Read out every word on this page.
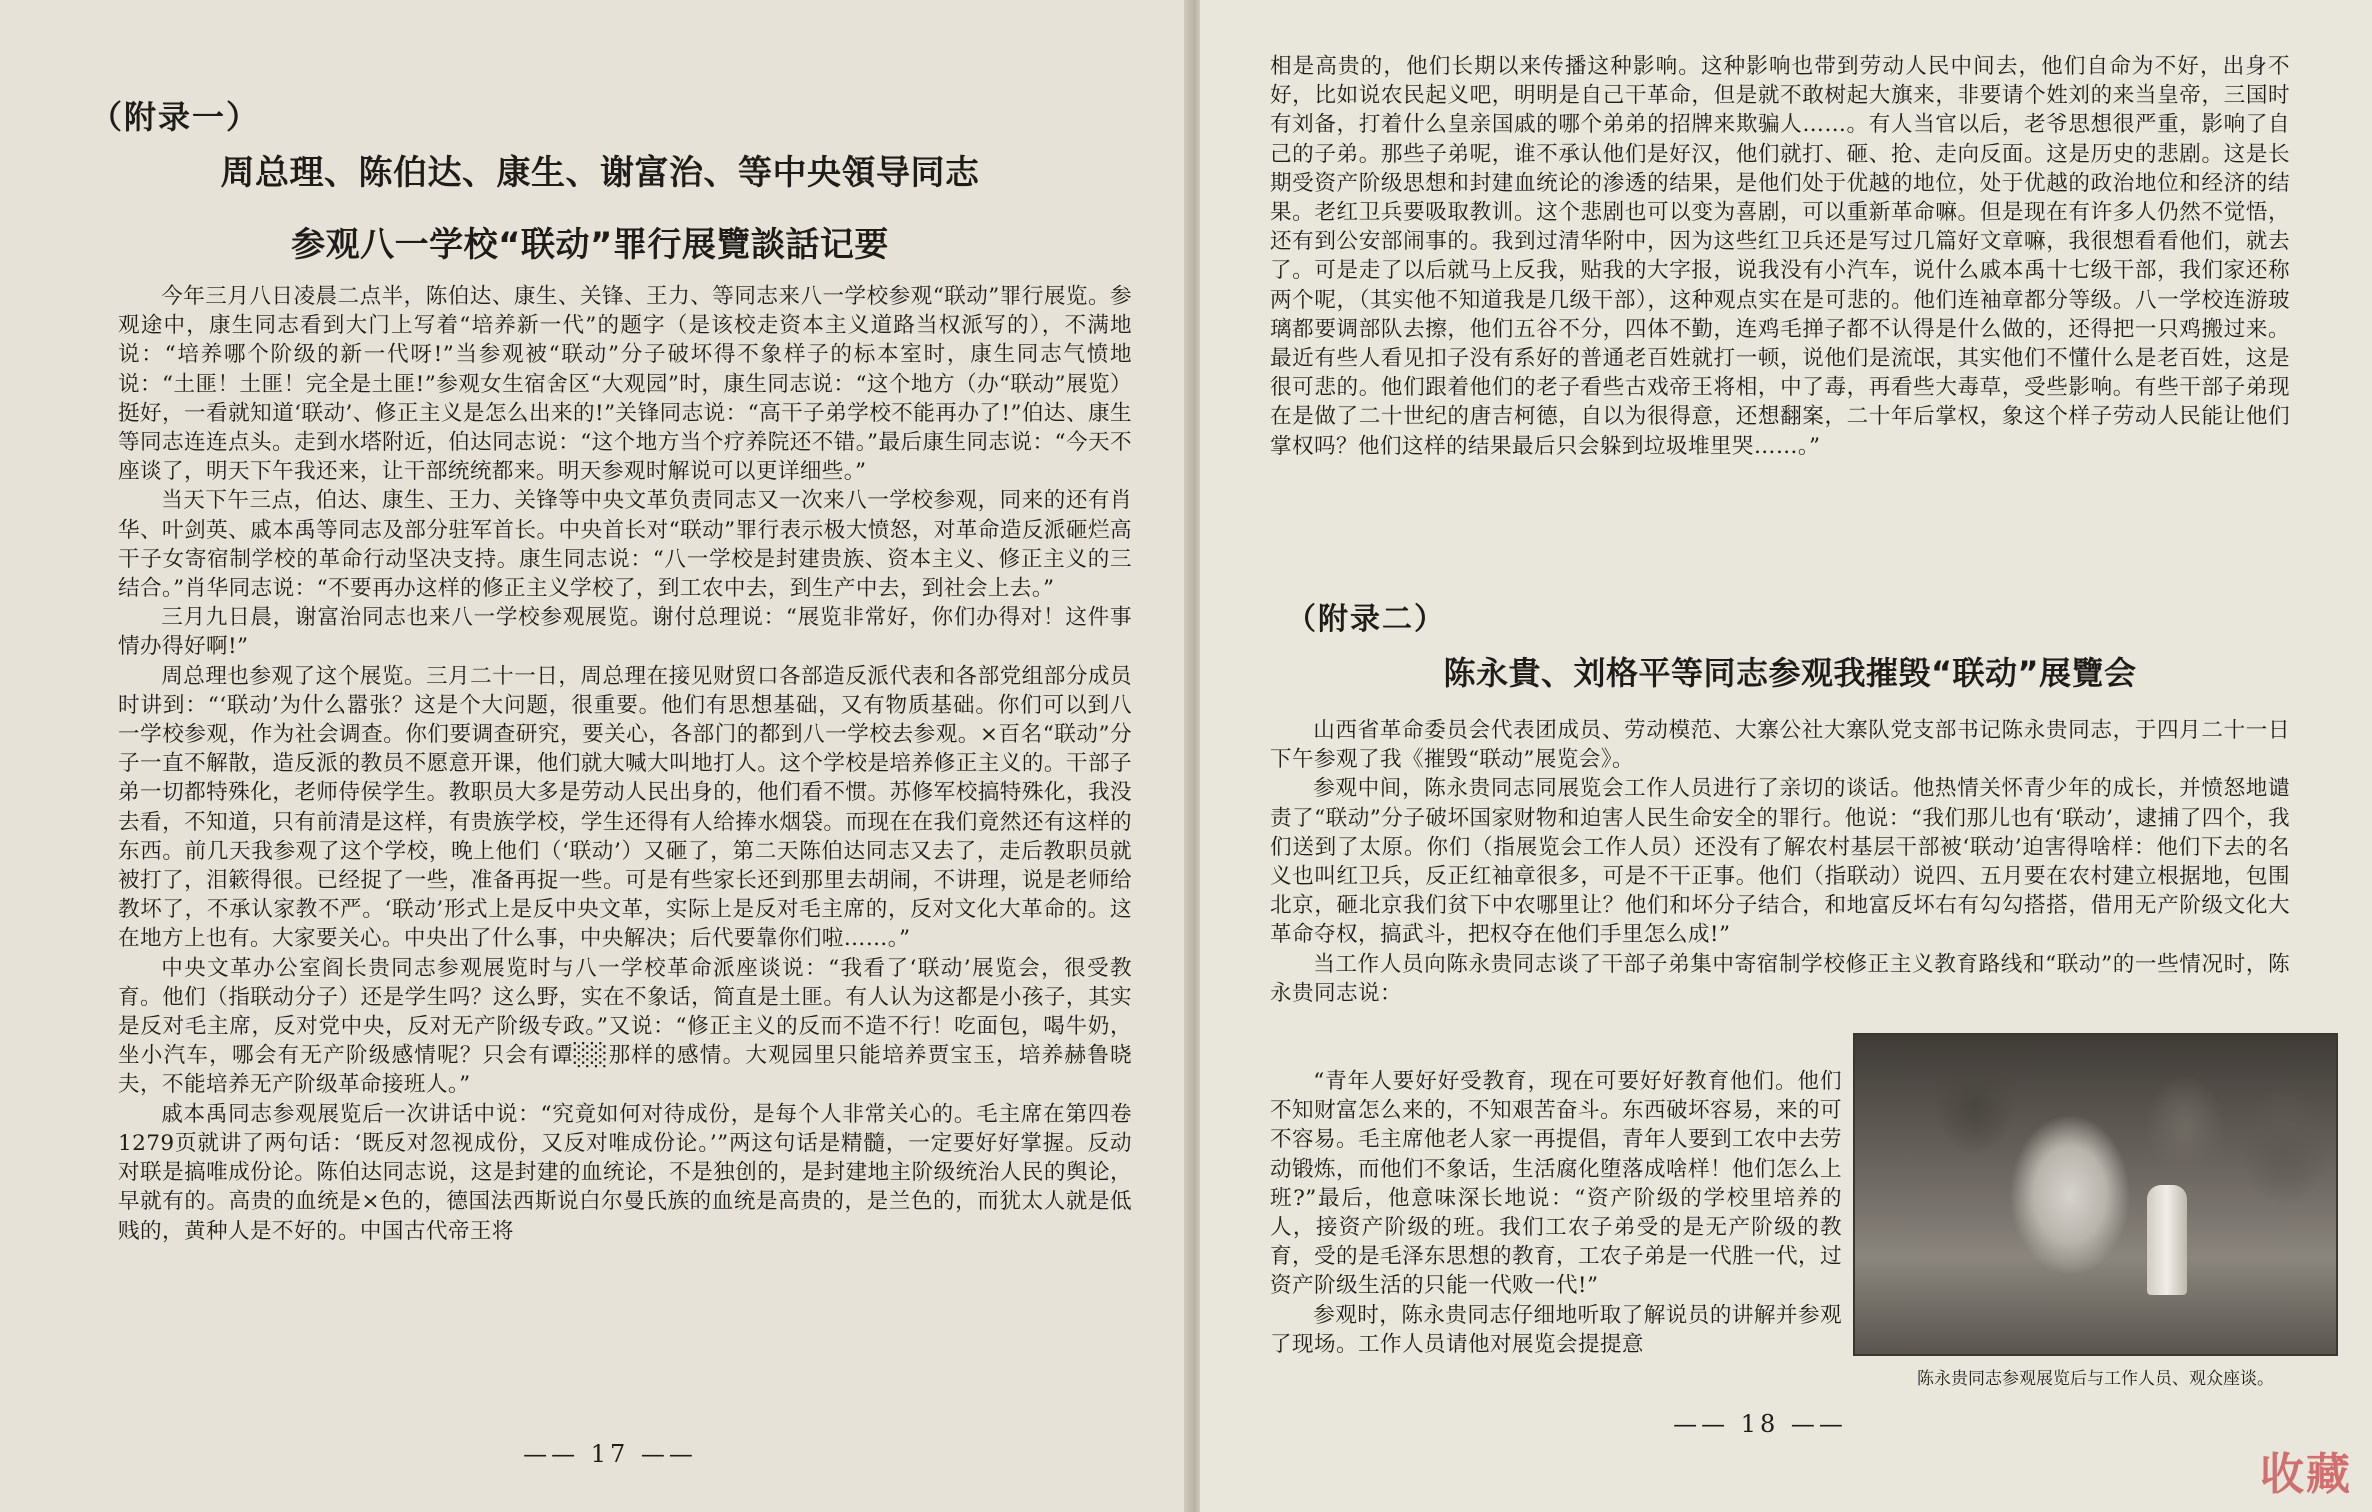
（附录一）
周总理、陈伯达、康生、谢富治、等中央領导同志
参观八一学校“联动”罪行展覽談話记要

今年三月八日凌晨二点半，陈伯达、康生、关锋、王力、等同志来八一学校参观“联动”罪行展览。参观途中，康生同志看到大门上写着“培养新一代”的题字（是该校走资本主义道路当权派写的），不满地说：“培养哪个阶级的新一代呀!”当参观被“联动”分子破坏得不象样子的标本室时，康生同志气愤地说：“土匪！土匪！完全是土匪!”参观女生宿舍区“大观园”时，康生同志说：“这个地方（办“联动”展览）挺好，一看就知道‘联动’、修正主义是怎么出来的!”关锋同志说：“高干子弟学校不能再办了!”伯达、康生等同志连连点头。走到水塔附近，伯达同志说：“这个地方当个疗养院还不错。”最后康生同志说：“今天不座谈了，明天下午我还来，让干部统统都来。明天参观时解说可以更详细些。”

当天下午三点，伯达、康生、王力、关锋等中央文革负责同志又一次来八一学校参观，同来的还有肖华、叶剑英、戚本禹等同志及部分驻军首长。中央首长对“联动”罪行表示极大愤怒，对革命造反派砸烂高干子女寄宿制学校的革命行动坚决支持。康生同志说：“八一学校是封建贵族、资本主义、修正主义的三结合。”肖华同志说：“不要再办这样的修正主义学校了，到工农中去，到生产中去，到社会上去。”

三月九日晨，谢富治同志也来八一学校参观展览。谢付总理说：“展览非常好，你们办得对！这件事情办得好啊!”

周总理也参观了这个展览。三月二十一日，周总理在接见财贸口各部造反派代表和各部党组部分成员时讲到：“‘联动’为什么嚣张？这是个大问题，很重要。他们有思想基础，又有物质基础。你们可以到八一学校参观，作为社会调查。你们要调查研究，要关心，各部门的都到八一学校去参观。×百名“联动”分子一直不解散，造反派的教员不愿意开课，他们就大喊大叫地打人。这个学校是培养修正主义的。干部子弟一切都特殊化，老师侍侯学生。教职员大多是劳动人民出身的，他们看不惯。苏修军校搞特殊化，我没去看，不知道，只有前清是这样，有贵族学校，学生还得有人给捧水烟袋。而现在在我们竟然还有这样的东西。前几天我参观了这个学校，晚上他们（‘联动’）又砸了，第二天陈伯达同志又去了，走后教职员就被打了，泪簌得很。已经捉了一些，准备再捉一些。可是有些家长还到那里去胡闹，不讲理，说是老师给教坏了，不承认家教不严。‘联动’形式上是反中央文革，实际上是反对毛主席的，反对文化大革命的。这在地方上也有。大家要关心。中央出了什么事，中央解决；后代要靠你们啦……。”

中央文革办公室阎长贵同志参观展览时与八一学校革命派座谈说：“我看了‘联动’展览会，很受教育。他们（指联动分子）还是学生吗？这么野，实在不象话，简直是土匪。有人认为这都是小孩子，其实是反对毛主席，反对党中央，反对无产阶级专政。”又说：“修正主义的反而不造不行！吃面包，喝牛奶，坐小汽车，哪会有无产阶级感情呢？只会有谭░░那样的感情。大观园里只能培养贾宝玉，培养赫鲁晓夫，不能培养无产阶级革命接班人。”

戚本禹同志参观展览后一次讲话中说：“究竟如何对待成份，是每个人非常关心的。毛主席在第四卷1279页就讲了两句话：‘既反对忽视成份，又反对唯成份论。’”两这句话是精髓，一定要好好掌握。反动对联是搞唯成份论。陈伯达同志说，这是封建的血统论，不是独创的，是封建地主阶级统治人民的舆论，早就有的。高贵的血统是×色的，德国法西斯说白尔曼氏族的血统是高贵的，是兰色的，而犹太人就是低贱的，黄种人是不好的。中国古代帝王将

—— 17 ——

相是高贵的，他们长期以来传播这种影响。这种影响也带到劳动人民中间去，他们自命为不好，出身不好，比如说农民起义吧，明明是自己干革命，但是就不敢树起大旗来，非要请个姓刘的来当皇帝，三国时有刘备，打着什么皇亲国戚的哪个弟弟的招牌来欺骗人……。有人当官以后，老爷思想很严重，影响了自己的子弟。那些子弟呢，谁不承认他们是好汉，他们就打、砸、抢、走向反面。这是历史的悲剧。这是长期受资产阶级思想和封建血统论的渗透的结果，是他们处于优越的地位，处于优越的政治地位和经济的结果。老红卫兵要吸取教训。这个悲剧也可以变为喜剧，可以重新革命嘛。但是现在有许多人仍然不觉悟，还有到公安部闹事的。我到过清华附中，因为这些红卫兵还是写过几篇好文章嘛，我很想看看他们，就去了。可是走了以后就马上反我，贴我的大字报，说我没有小汽车，说什么戚本禹十七级干部，我们家还称两个呢，（其实他不知道我是几级干部），这种观点实在是可悲的。他们连袖章都分等级。八一学校连游玻璃都要调部队去擦，他们五谷不分，四体不勤，连鸡毛掸子都不认得是什么做的，还得把一只鸡搬过来。最近有些人看见扣子没有系好的普通老百姓就打一顿，说他们是流氓，其实他们不懂什么是老百姓，这是很可悲的。他们跟着他们的老子看些古戏帝王将相，中了毒，再看些大毒草，受些影响。有些干部子弟现在是做了二十世纪的唐吉柯德，自以为很得意，还想翻案，二十年后掌权，象这个样子劳动人民能让他们掌权吗？他们这样的结果最后只会躲到垃圾堆里哭……。”

（附录二）
陈永貴、刘格平等同志参观我摧毁“联动”展覽会

山西省革命委员会代表团成员、劳动模范、大寨公社大寨队党支部书记陈永贵同志，于四月二十一日下午参观了我《摧毁“联动”展览会》。

参观中间，陈永贵同志同展览会工作人员进行了亲切的谈话。他热情关怀青少年的成长，并愤怒地谴责了“联动”分子破坏国家财物和迫害人民生命安全的罪行。他说：“我们那儿也有‘联动’，逮捕了四个，我们送到了太原。你们（指展览会工作人员）还没有了解农村基层干部被‘联动’迫害得啥样：他们下去的名义也叫红卫兵，反正红袖章很多，可是不干正事。他们（指联动）说四、五月要在农村建立根据地，包围北京，砸北京我们贫下中农哪里让？他们和坏分子结合，和地富反坏右有勾勾搭搭，借用无产阶级文化大革命夺权，搞武斗，把权夺在他们手里怎么成!”

当工作人员向陈永贵同志谈了干部子弟集中寄宿制学校修正主义教育路线和“联动”的一些情况时，陈永贵同志说：

“青年人要好好受教育，现在可要好好教育他们。他们不知财富怎么来的，不知艰苦奋斗。东西破坏容易，来的可不容易。毛主席他老人家一再提倡，青年人要到工农中去劳动锻炼，而他们不象话，生活腐化堕落成啥样！他们怎么上班?”最后，他意味深长地说：“资产阶级的学校里培养的人，接资产阶级的班。我们工农子弟受的是无产阶级的教育，受的是毛泽东思想的教育，工农子弟是一代胜一代，过资产阶级生活的只能一代败一代!”

参观时，陈永贵同志仔细地听取了解说员的讲解并参观了现场。工作人员请他对展览会提提意

陈永贵同志参观展览后与工作人员、观众座谈。
—— 18 ——
收藏
